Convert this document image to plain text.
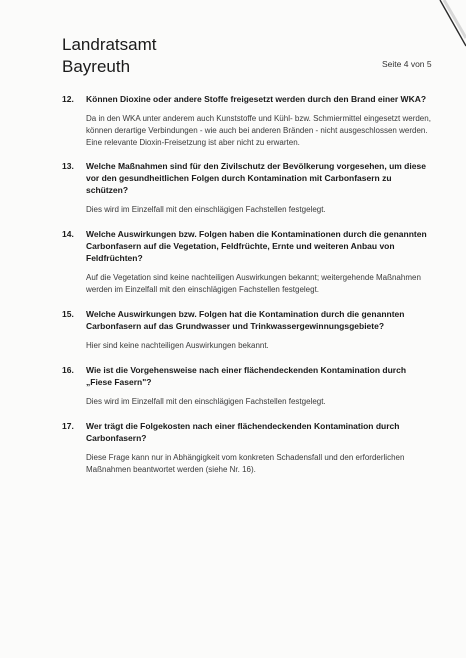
Landratsamt
Bayreuth	Seite 4 von 5
12.	Können Dioxine oder andere Stoffe freigesetzt werden durch den Brand einer WKA?
Da in den WKA unter anderem auch Kunststoffe und Kühl- bzw. Schmiermittel eingesetzt werden, können derartige Verbindungen - wie auch bei anderen Bränden - nicht ausgeschlossen werden. Eine relevante Dioxin-Freisetzung ist aber nicht zu erwarten.
13.	Welche Maßnahmen sind für den Zivilschutz der Bevölkerung vorgesehen, um diese vor den gesundheitlichen Folgen durch Kontamination mit Carbonfasern zu schützen?
Dies wird im Einzelfall mit den einschlägigen Fachstellen festgelegt.
14.	Welche Auswirkungen bzw. Folgen haben die Kontaminationen durch die genannten Carbonfasern auf die Vegetation, Feldfrüchte, Ernte und weiteren Anbau von Feldfrüchten?
Auf die Vegetation sind keine nachteiligen Auswirkungen bekannt; weitergehende Maßnahmen werden im Einzelfall mit den einschlägigen Fachstellen festgelegt.
15.	Welche Auswirkungen bzw. Folgen hat die Kontamination durch die genannten Carbonfasern auf das Grundwasser und Trinkwassergewinnungsgebiete?
Hier sind keine nachteiligen Auswirkungen bekannt.
16.	Wie ist die Vorgehensweise nach einer flächendeckenden Kontamination durch „Fiese Fasern"?
Dies wird im Einzelfall mit den einschlägigen Fachstellen festgelegt.
17.	Wer trägt die Folgekosten nach einer flächendeckenden Kontamination durch Carbonfasern?
Diese Frage kann nur in Abhängigkeit vom konkreten Schadensfall und den erforderlichen Maßnahmen beantwortet werden (siehe Nr. 16).
